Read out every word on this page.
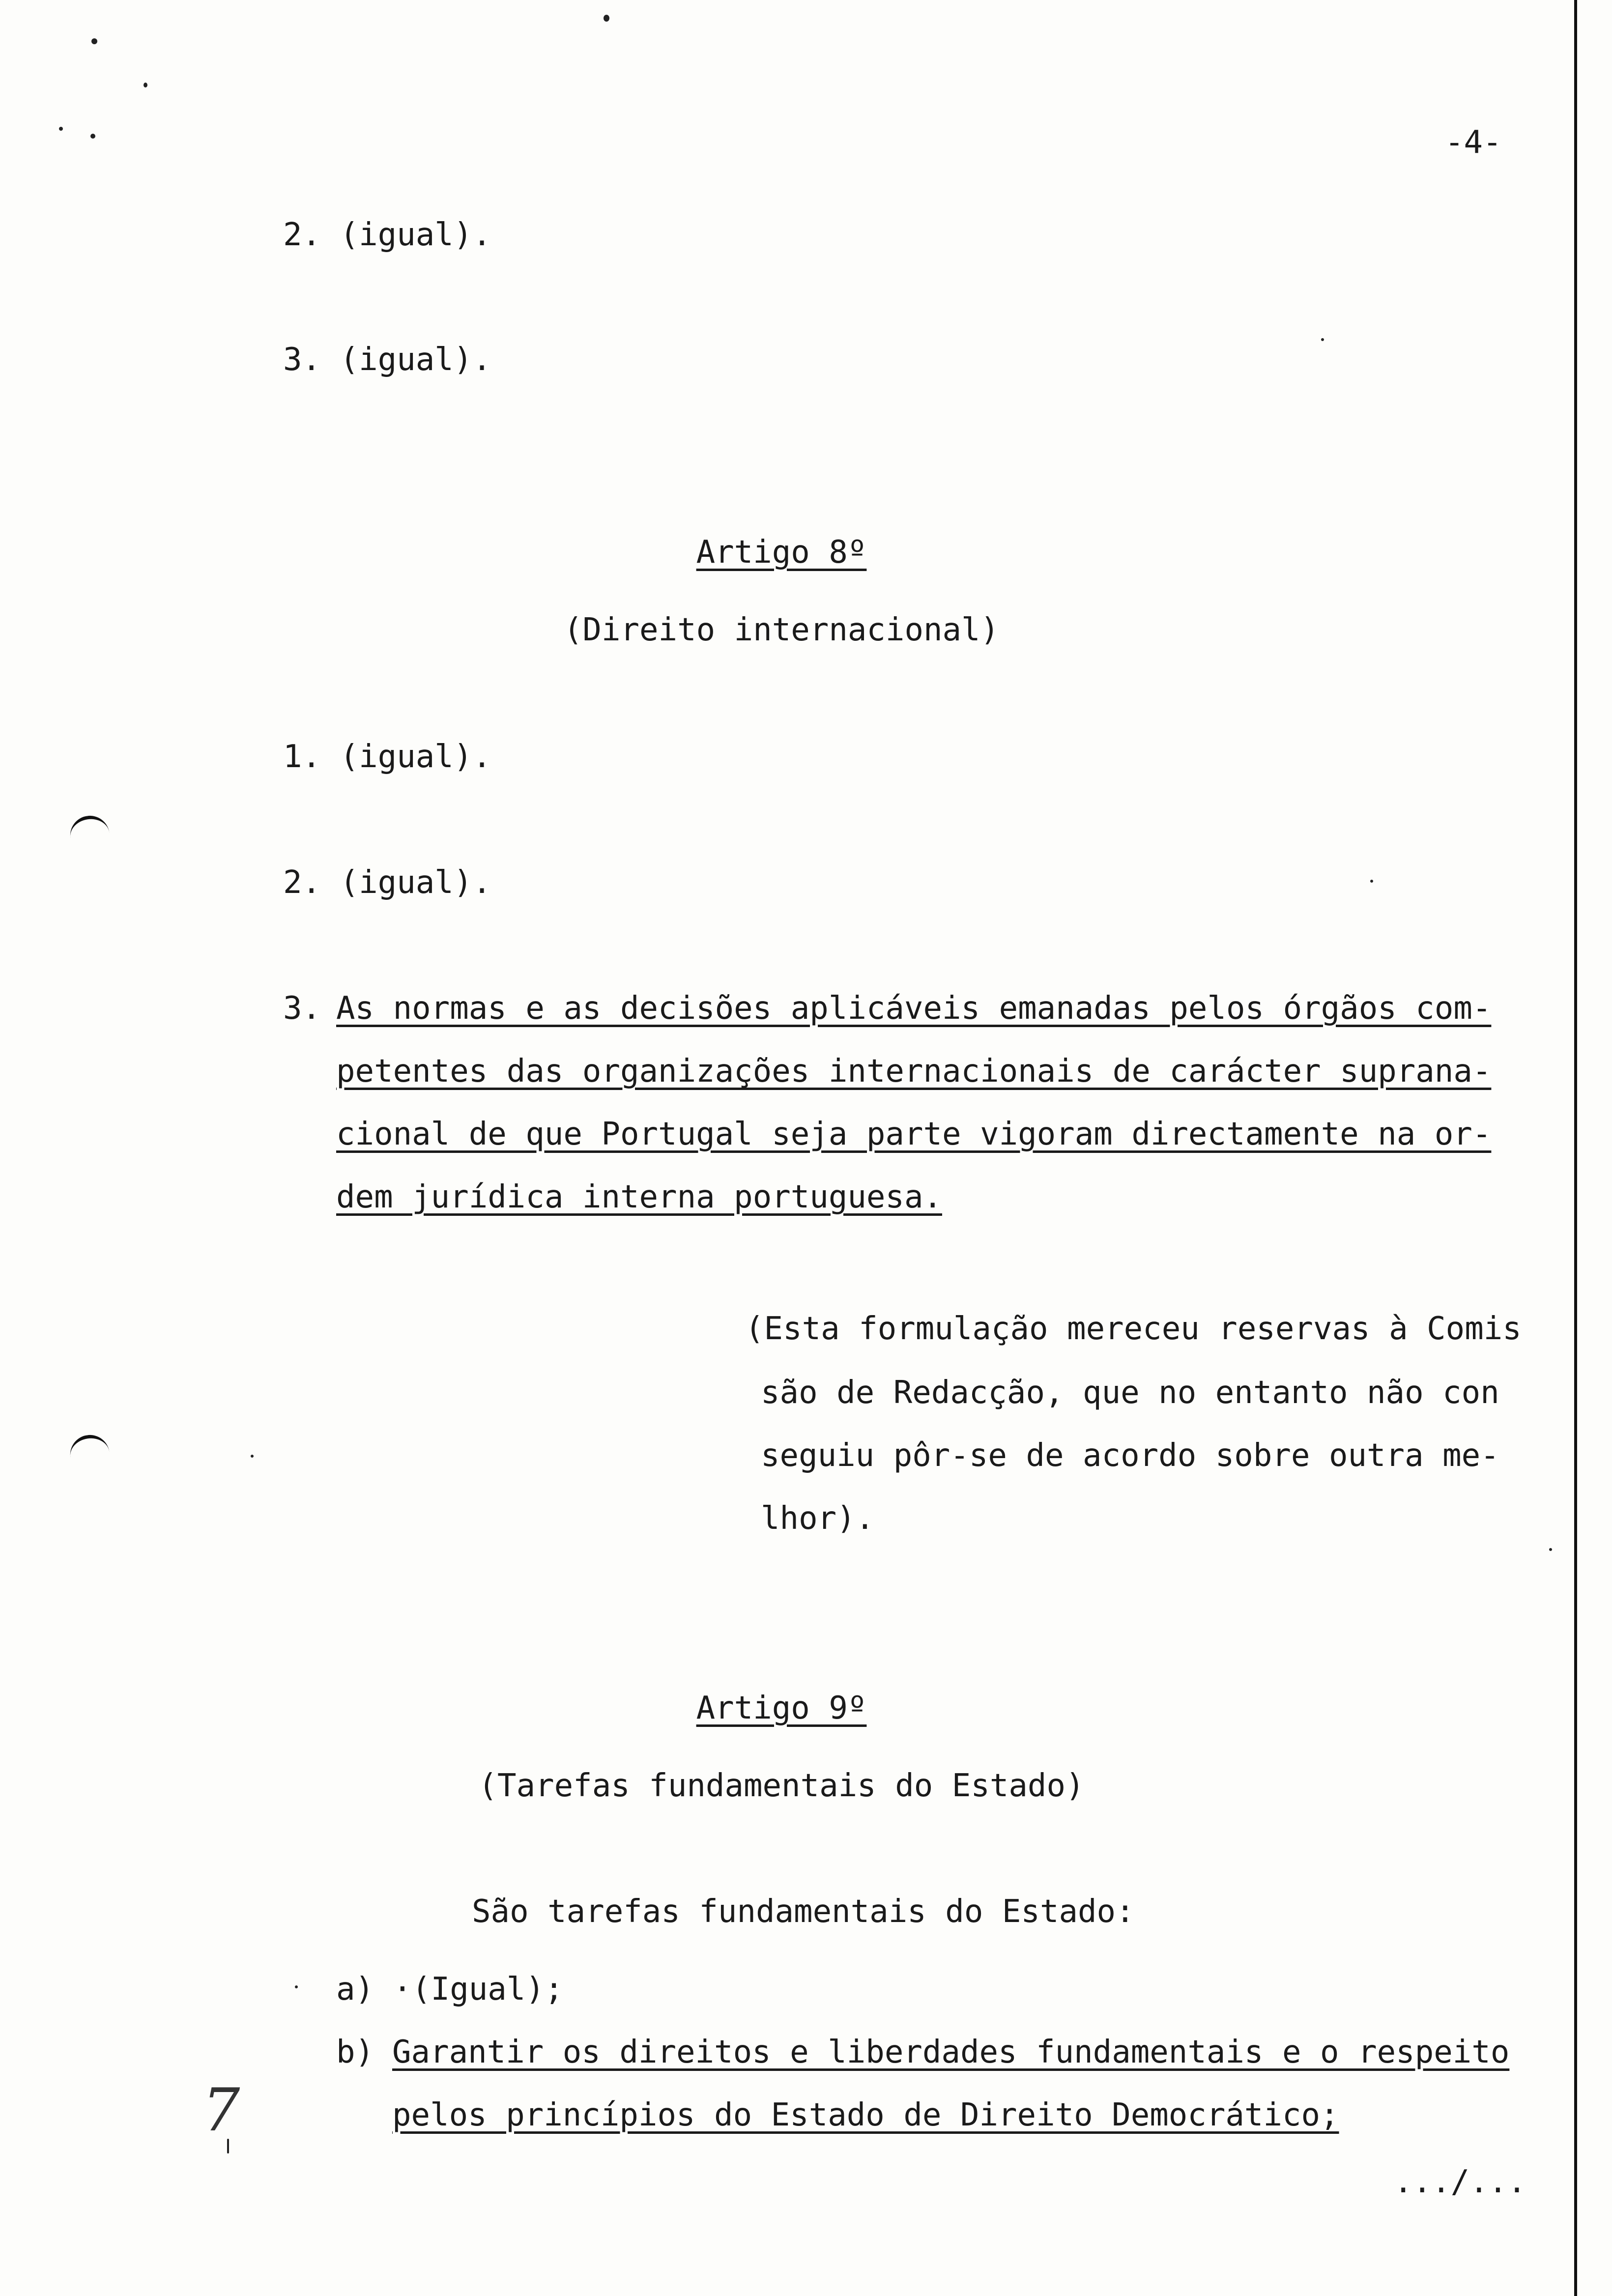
-4-
2. (igual).
3. (igual).
Artigo 8º
(Direito internacional)
1. (igual).
2. (igual).
3. As normas e as decisões aplicáveis emanadas pelos órgãos com-
petentes das organizações internacionais de carácter suprana-
cional de que Portugal seja parte vigoram directamente na or-
dem jurídica interna portuguesa.
(Esta formulação mereceu reservas à Comis
são de Redacção, que no entanto não con
seguiu pôr-se de acordo sobre outra me-
lhor).
Artigo 9º
(Tarefas fundamentais do Estado)
São tarefas fundamentais do Estado:
a) ·(Igual);
b) Garantir os direitos e liberdades fundamentais e o respeito
pelos princípios do Estado de Direito Democrático;
.../...
7
